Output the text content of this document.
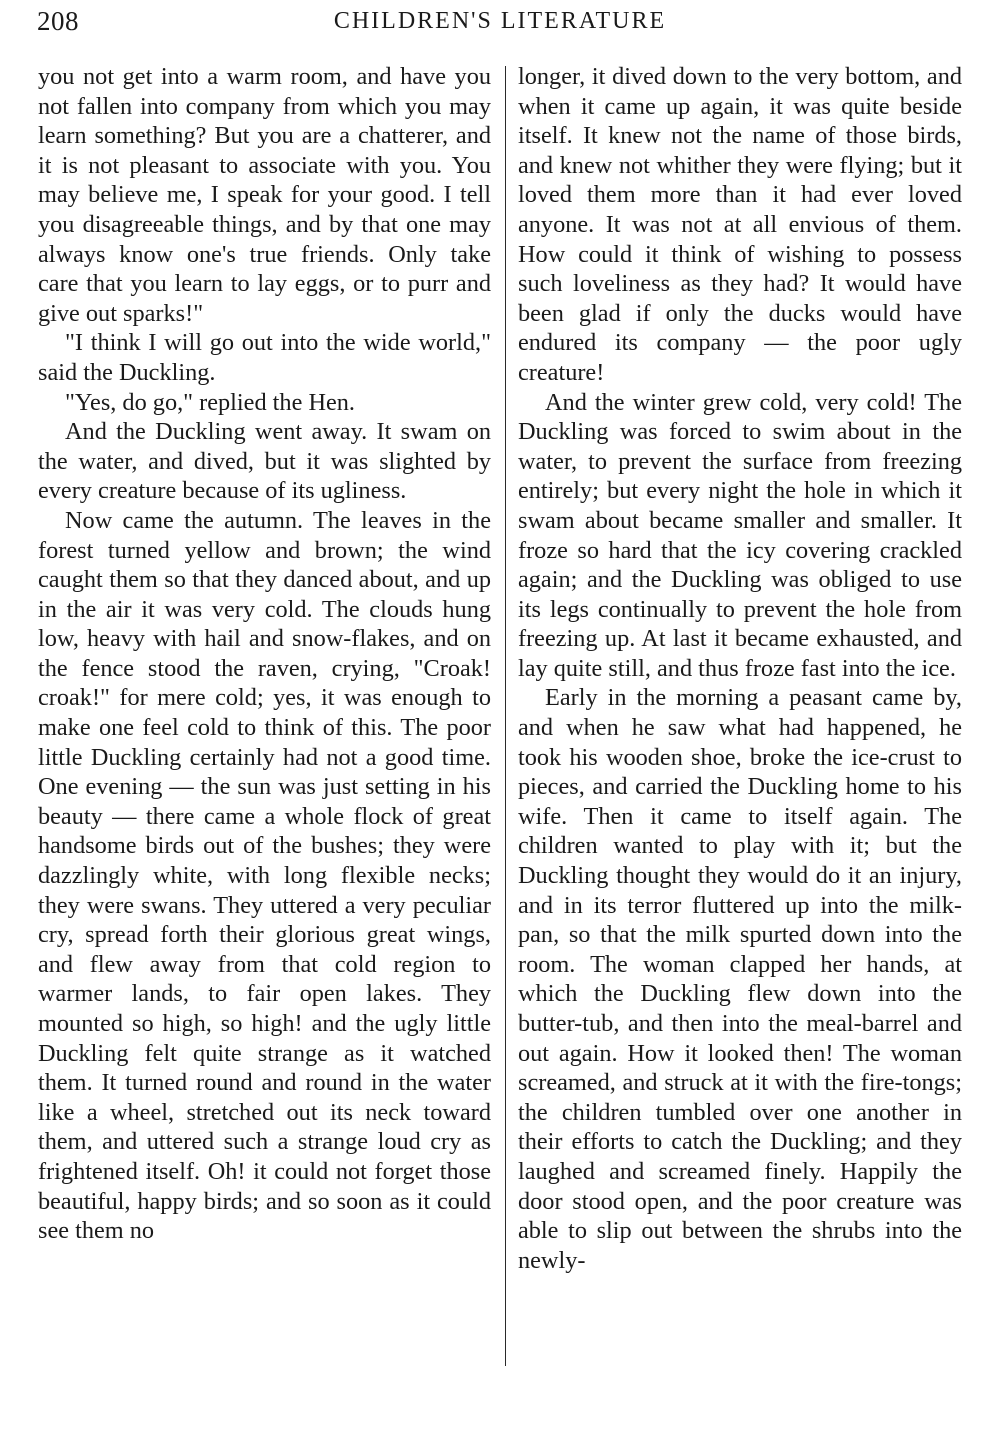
208	CHILDREN'S LITERATURE

you not get into a warm room, and have you not fallen into company from which you may learn something? But you are a chatterer, and it is not pleasant to associate with you. You may believe me, I speak for your good. I tell you disagreeable things, and by that one may always know one's true friends. Only take care that you learn to lay eggs, or to purr and give out sparks!"

"I think I will go out into the wide world," said the Duckling.

"Yes, do go," replied the Hen.

And the Duckling went away. It swam on the water, and dived, but it was slighted by every creature because of its ugliness.

Now came the autumn. The leaves in the forest turned yellow and brown; the wind caught them so that they danced about, and up in the air it was very cold. The clouds hung low, heavy with hail and snow-flakes, and on the fence stood the raven, crying, "Croak! croak!" for mere cold; yes, it was enough to make one feel cold to think of this. The poor little Duckling certainly had not a good time. One evening — the sun was just setting in his beauty — there came a whole flock of great handsome birds out of the bushes; they were dazzlingly white, with long flexible necks; they were swans. They uttered a very peculiar cry, spread forth their glorious great wings, and flew away from that cold region to warmer lands, to fair open lakes. They mounted so high, so high! and the ugly little Duckling felt quite strange as it watched them. It turned round and round in the water like a wheel, stretched out its neck toward them, and uttered such a strange loud cry as frightened itself. Oh! it could not forget those beautiful, happy birds; and so soon as it could see them no

longer, it dived down to the very bottom, and when it came up again, it was quite beside itself. It knew not the name of those birds, and knew not whither they were flying; but it loved them more than it had ever loved anyone. It was not at all envious of them. How could it think of wishing to possess such loveliness as they had? It would have been glad if only the ducks would have endured its company — the poor ugly creature!

And the winter grew cold, very cold! The Duckling was forced to swim about in the water, to prevent the surface from freezing entirely; but every night the hole in which it swam about became smaller and smaller. It froze so hard that the icy covering crackled again; and the Duckling was obliged to use its legs continually to prevent the hole from freezing up. At last it became exhausted, and lay quite still, and thus froze fast into the ice.

Early in the morning a peasant came by, and when he saw what had happened, he took his wooden shoe, broke the ice-crust to pieces, and carried the Duckling home to his wife. Then it came to itself again. The children wanted to play with it; but the Duckling thought they would do it an injury, and in its terror fluttered up into the milk-pan, so that the milk spurted down into the room. The woman clapped her hands, at which the Duckling flew down into the butter-tub, and then into the meal-barrel and out again. How it looked then! The woman screamed, and struck at it with the fire-tongs; the children tumbled over one another in their efforts to catch the Duckling; and they laughed and screamed finely. Happily the door stood open, and the poor creature was able to slip out between the shrubs into the newly-
